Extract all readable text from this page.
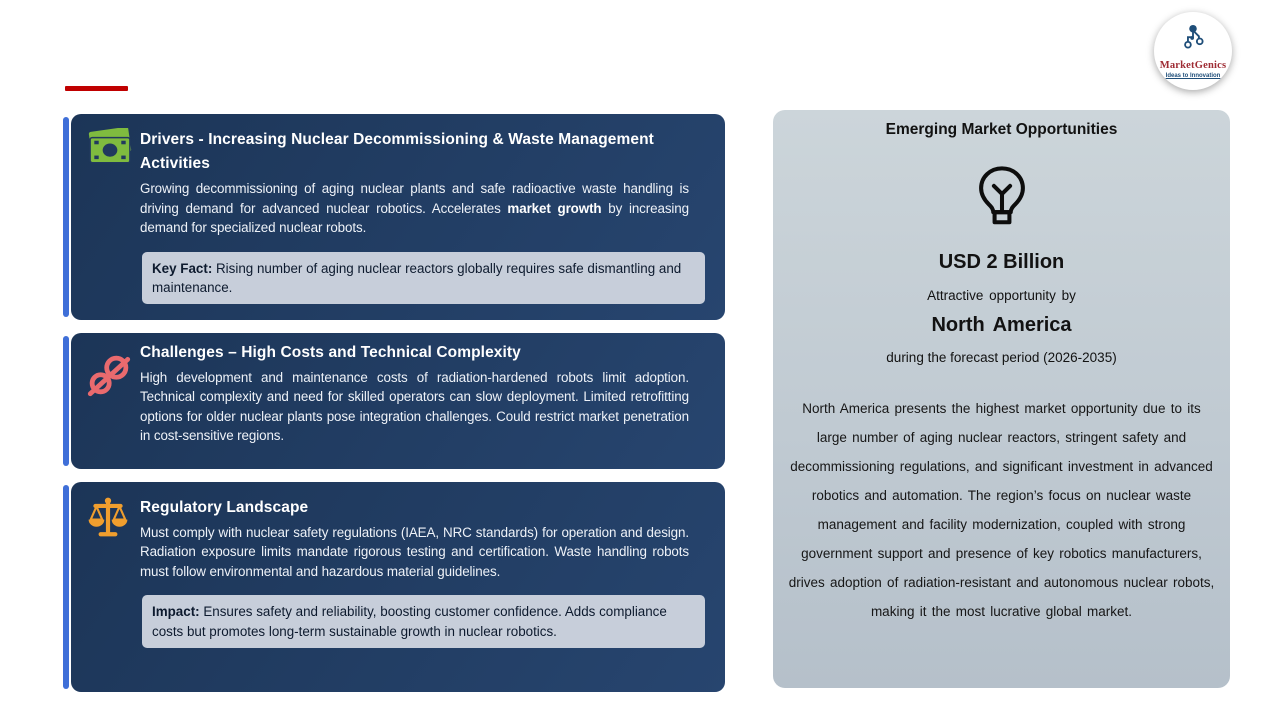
Overview – Key Statistics	MarketGenics
Ideas to Innovation
Drivers - Increasing Nuclear Decommissioning & Waste Management Activities

Growing decommissioning of aging nuclear plants and safe radioactive waste handling is driving demand for advanced nuclear robotics. Accelerates market growth by increasing demand for specialized nuclear robots.

Key Fact: Rising number of aging nuclear reactors globally requires safe dismantling and maintenance.
Challenges – High Costs and Technical Complexity

High development and maintenance costs of radiation-hardened robots limit adoption. Technical complexity and need for skilled operators can slow deployment. Limited retrofitting options for older nuclear plants pose integration challenges. Could restrict market penetration in cost-sensitive regions.

Regulatory Landscape

Must comply with nuclear safety regulations (IAEA, NRC standards) for operation and design. Radiation exposure limits mandate rigorous testing and certification. Waste handling robots must follow environmental and hazardous material guidelines.

Impact: Ensures safety and reliability, boosting customer confidence. Adds compliance costs but promotes long-term sustainable growth in nuclear robotics.
Emerging Market Opportunities
USD 2 Billion
Attractive opportunity by
North America
during the forecast period (2026-2035)

North America presents the highest market opportunity due to its large number of aging nuclear reactors, stringent safety and decommissioning regulations, and significant investment in advanced robotics and automation. The region’s focus on nuclear waste management and facility modernization, coupled with strong government support and presence of key robotics manufacturers, drives adoption of radiation-resistant and autonomous nuclear robots, making it the most lucrative global market.
